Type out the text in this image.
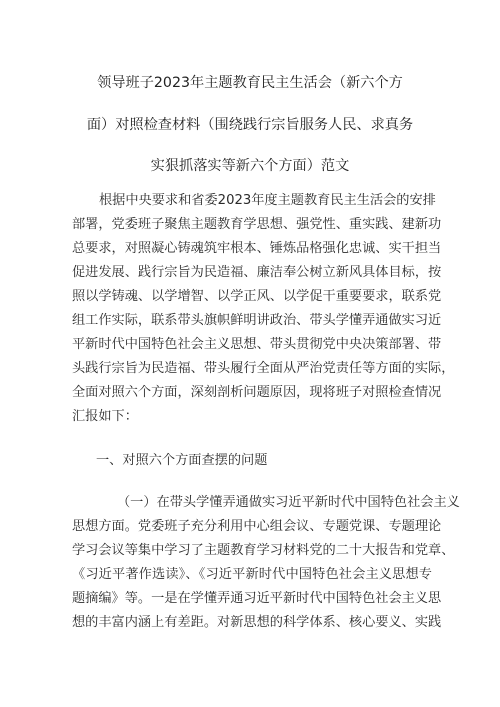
领导班子2023年主题教育民主生活会（新六个方
面）对照检查材料（围绕践行宗旨服务人民、求真务
实狠抓落实等新六个方面）范文
根据中央要求和省委2023年度主题教育民主生活会的安排
部署，党委班子聚焦主题教育学思想、强党性、重实践、建新功
总要求，对照凝心铸魂筑牢根本、锤炼品格强化忠诚、实干担当
促进发展、践行宗旨为民造福、廉洁奉公树立新风具体目标，按
照以学铸魂、以学增智、以学正风、以学促干重要要求，联系党
组工作实际，联系带头旗帜鲜明讲政治、带头学懂弄通做实习近
平新时代中国特色社会主义思想、带头贯彻党中央决策部署、带
头践行宗旨为民造福、带头履行全面从严治党责任等方面的实际，
全面对照六个方面，深刻剖析问题原因，现将班子对照检查情况
汇报如下：
一、对照六个方面查摆的问题
（一）在带头学懂弄通做实习近平新时代中国特色社会主义
思想方面。党委班子充分利用中心组会议、专题党课、专题理论
学习会议等集中学习了主题教育学习材料党的二十大报告和党章、
《习近平著作选读》、《习近平新时代中国特色社会主义思想专
题摘编》等。一是在学懂弄通习近平新时代中国特色社会主义思
想的丰富内涵上有差距。对新思想的科学体系、核心要义、实践
